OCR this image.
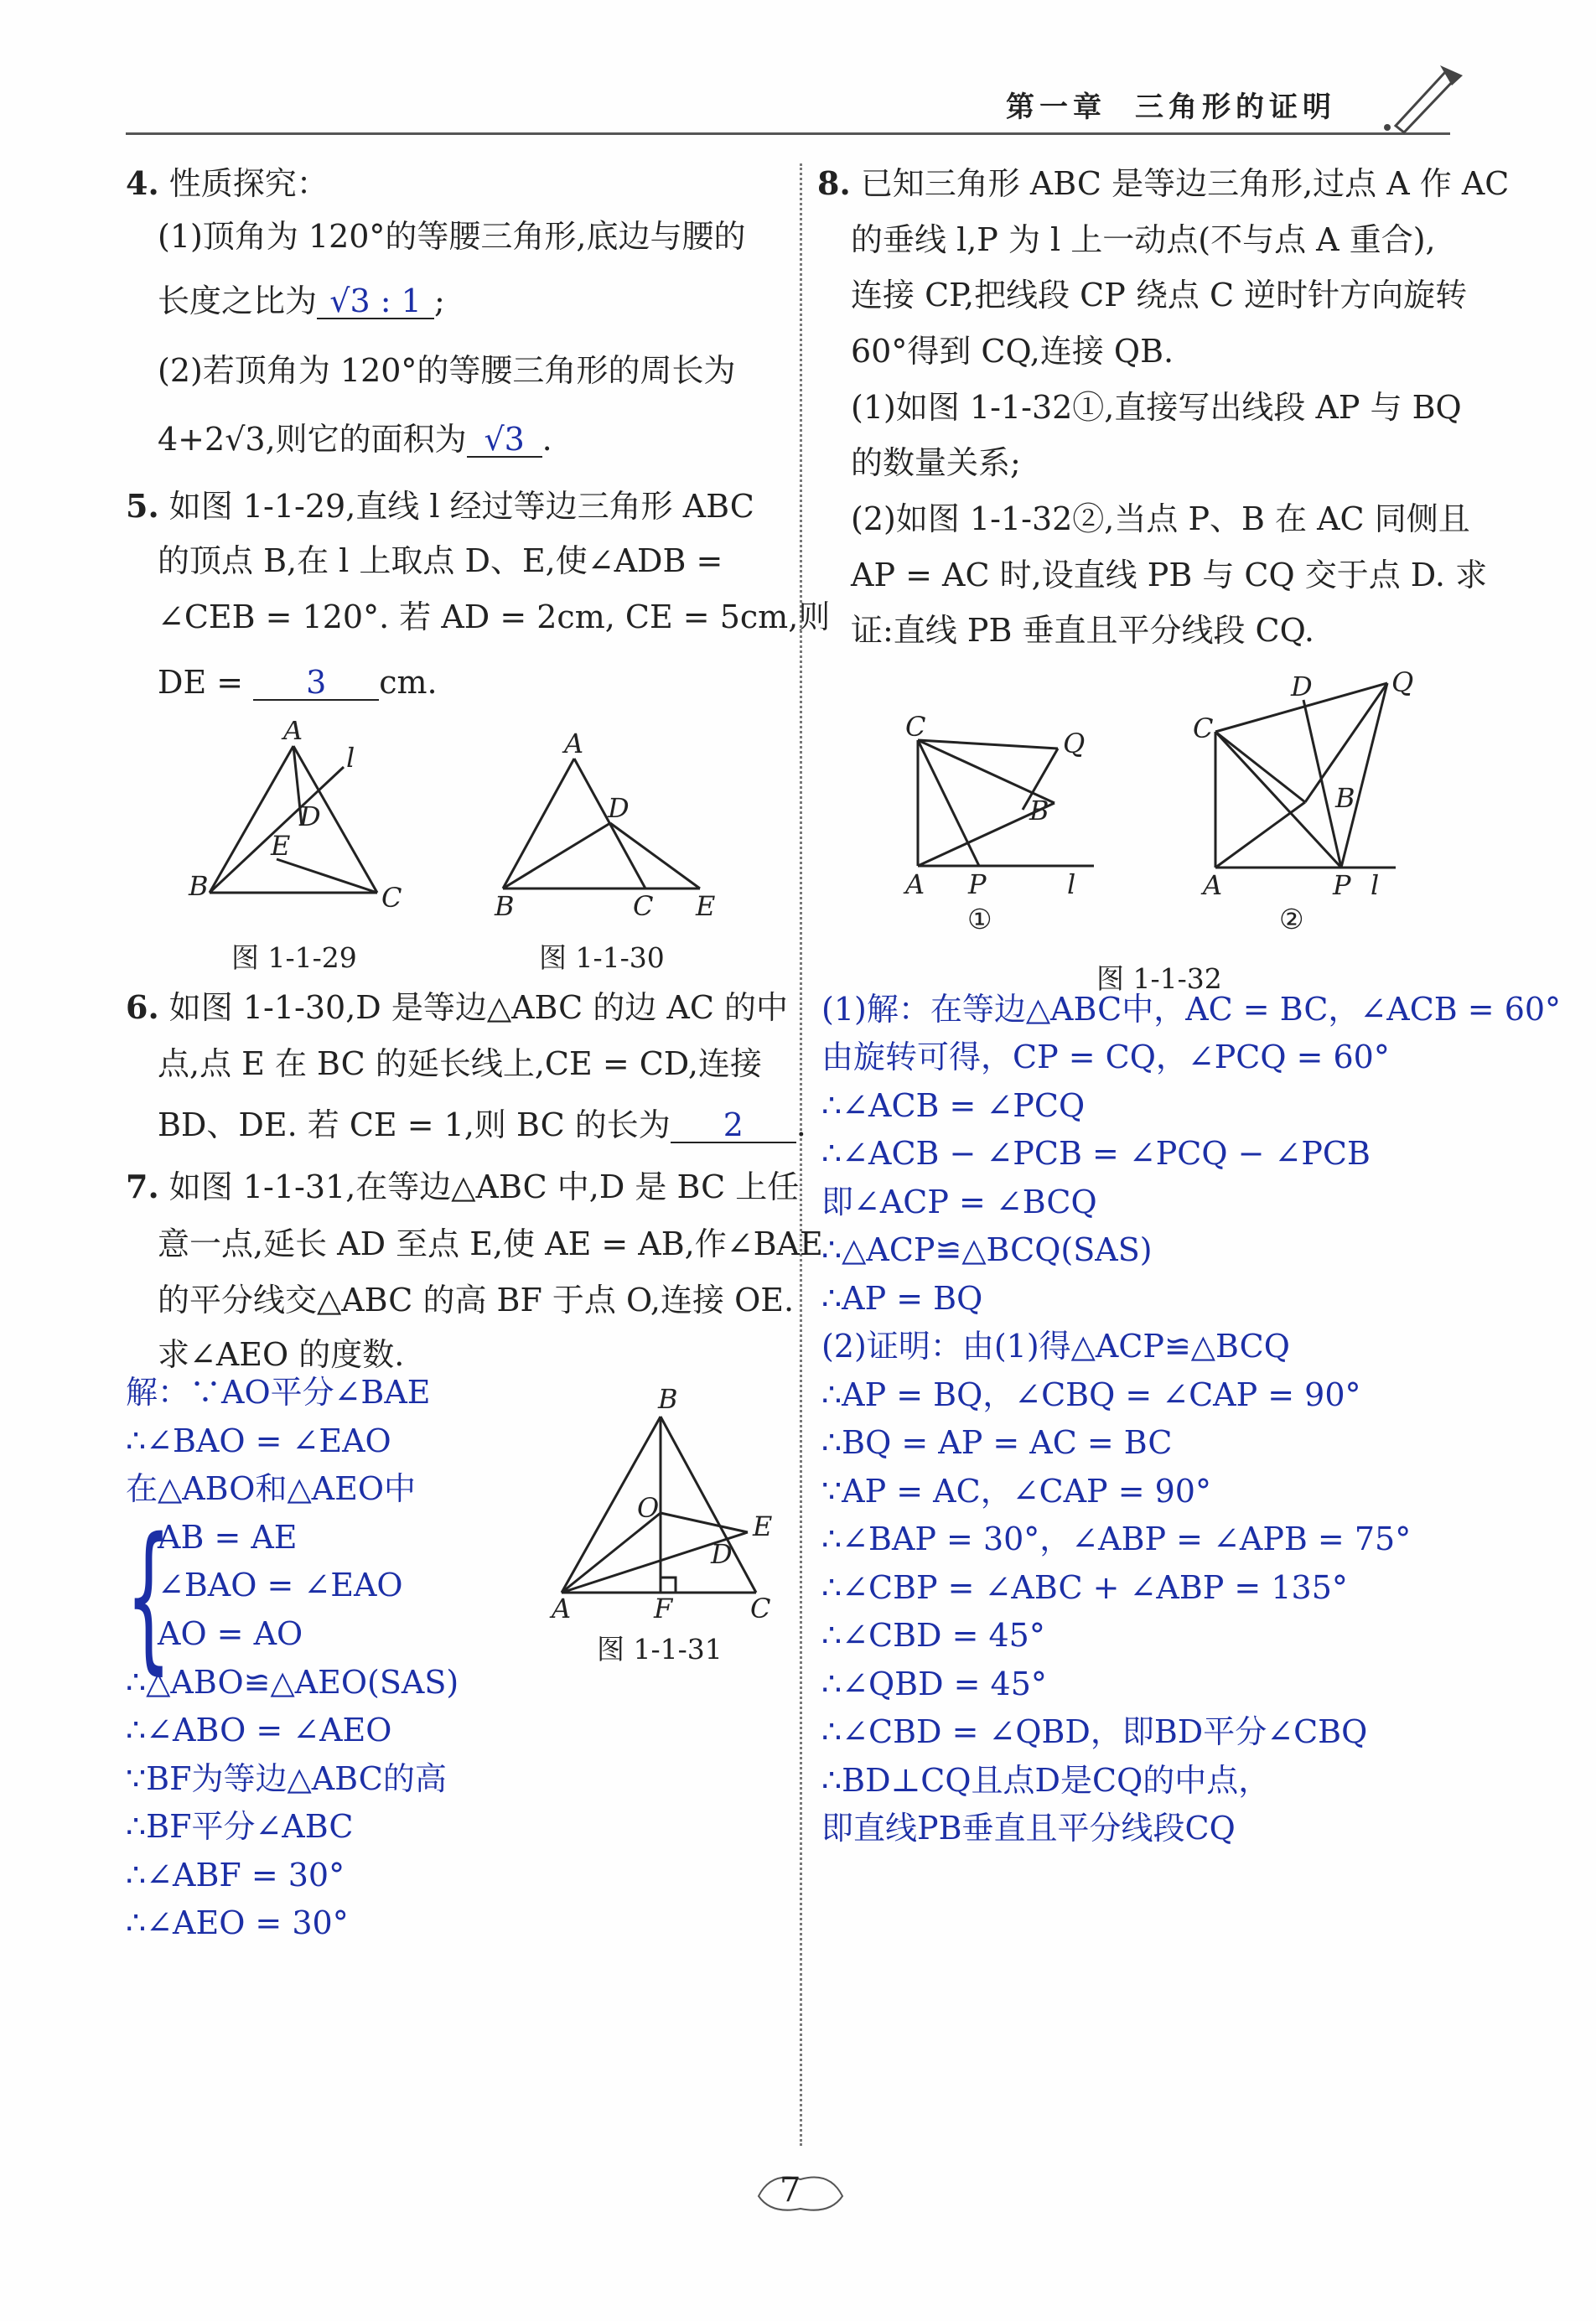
第一章 三角形的证明
4. 性质探究：
(1)顶角为 120°的等腰三角形,底边与腰的
长度之比为 √3 : 1 ;
(2)若顶角为 120°的等腰三角形的周长为
4+2√3,则它的面积为 √3 .
5. 如图 1-1-29,直线 l 经过等边三角形 ABC
的顶点 B,在 l 上取点 D、E,使∠ADB =
∠CEB = 120°. 若 AD = 2cm, CE = 5cm,则
DE = 3 cm.
A
l
D
E
B	C
图 1-1-29
A
D
B	C E
图 1-1-30
6. 如图 1-1-30,D 是等边△ABC 的边 AC 的中
点,点 E 在 BC 的延长线上,CE = CD,连接
BD、DE. 若 CE = 1,则 BC 的长为 2 .
7. 如图 1-1-31,在等边△ABC 中,D 是 BC 上任
意一点,延长 AD 至点 E,使 AE = AB,作∠BAE
的平分线交△ABC 的高 BF 于点 O,连接 OE.
求∠AEO 的度数.
解：∵AO平分∠BAE
∴∠BAO = ∠EAO
在△ABO和△AEO中
{
AB = AE
∠BAO = ∠EAO
AO = AO
∴△ABO≌△AEO(SAS)
∴∠ABO = ∠AEO
∵BF为等边△ABC的高
∴BF平分∠ABC
∴∠ABF = 30°
∴∠AEO = 30°
B
O
E
D
A	F	C
图 1-1-31
8. 已知三角形 ABC 是等边三角形,过点 A 作 AC
的垂线 l,P 为 l 上一动点(不与点 A 重合),
连接 CP,把线段 CP 绕点 C 逆时针方向旋转
60°得到 CQ,连接 QB.
(1)如图 1-1-32①,直接写出线段 AP 与 BQ
的数量关系;
(2)如图 1-1-32②,当点 P、B 在 AC 同侧且
AP = AC 时,设直线 PB 与 CQ 交于点 D. 求
证:直线 PB 垂直且平分线段 CQ.
C
Q
B
A P	l
①
D	Q
C
B
A	P l
②
图 1-1-32
(1)解：在等边△ABC中，AC = BC，∠ACB = 60°
由旋转可得，CP = CQ，∠PCQ = 60°
∴∠ACB = ∠PCQ
∴∠ACB − ∠PCB = ∠PCQ − ∠PCB
即∠ACP = ∠BCQ
∴△ACP≌△BCQ(SAS)
∴AP = BQ
(2)证明：由(1)得△ACP≌△BCQ
∴AP = BQ，∠CBQ = ∠CAP = 90°
∴BQ = AP = AC = BC
∵AP = AC，∠CAP = 90°
∴∠BAP = 30°，∠ABP = ∠APB = 75°
∴∠CBP = ∠ABC + ∠ABP = 135°
∴∠CBD = 45°
∴∠QBD = 45°
∴∠CBD = ∠QBD，即BD平分∠CBQ
∴BD⊥CQ且点D是CQ的中点，
即直线PB垂直且平分线段CQ
7
